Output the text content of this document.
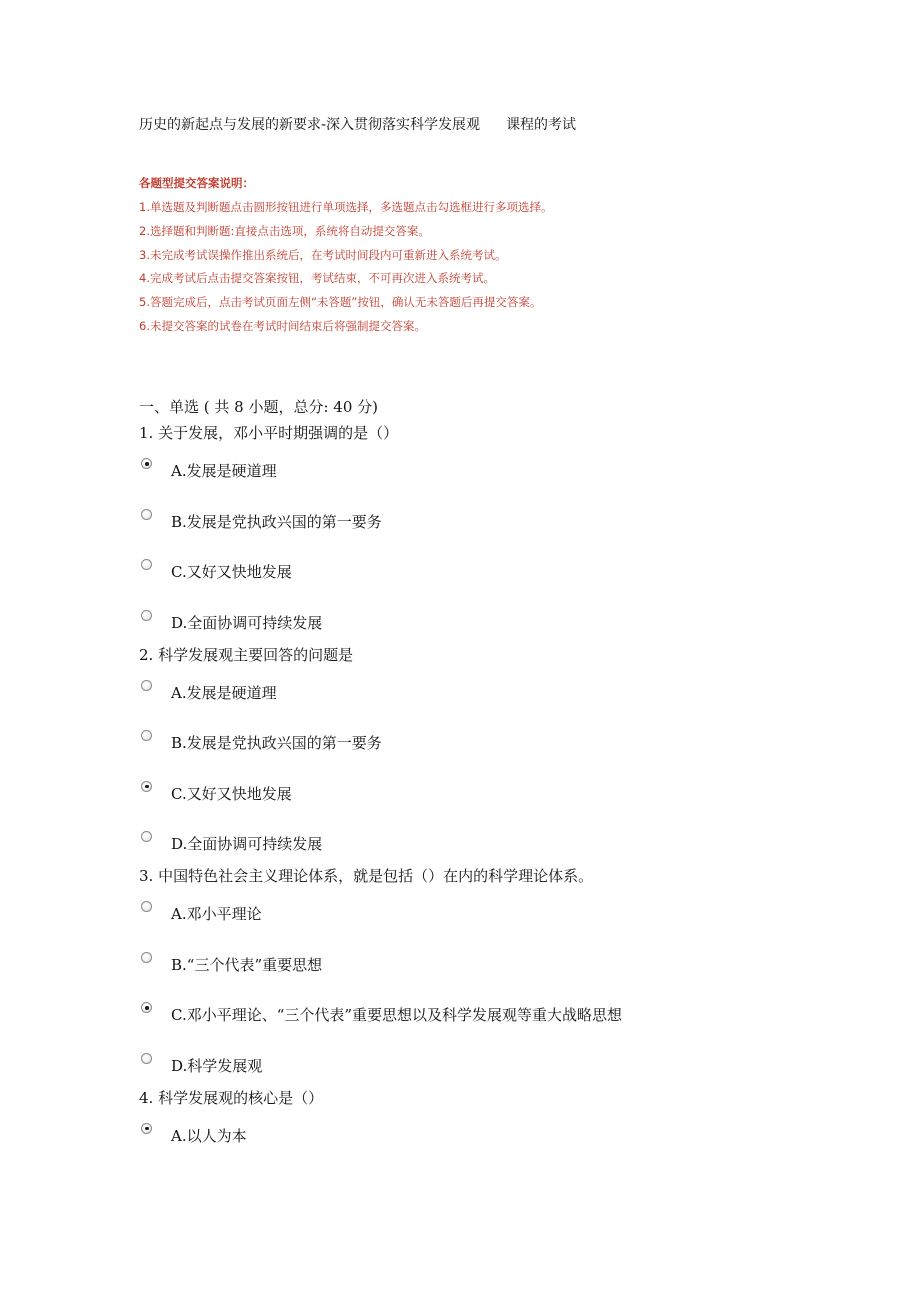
历史的新起点与发展的新要求-深入贯彻落实科学发展观 课程的考试
各题型提交答案说明：
1.单选题及判断题点击圆形按钮进行单项选择，多选题点击勾选框进行多项选择。
2.选择题和判断题:直接点击选项，系统将自动提交答案。
3.未完成考试误操作推出系统后，在考试时间段内可重新进入系统考试。
4.完成考试后点击提交答案按钮，考试结束，不可再次进入系统考试。
5.答题完成后，点击考试页面左侧“未答题”按钮，确认无未答题后再提交答案。
6.未提交答案的试卷在考试时间结束后将强制提交答案。
一、单选 ( 共 8 小题，总分: 40 分)
1. 关于发展，邓小平时期强调的是（）
A.发展是硬道理
B.发展是党执政兴国的第一要务
C.又好又快地发展
D.全面协调可持续发展
2. 科学发展观主要回答的问题是
A.发展是硬道理
B.发展是党执政兴国的第一要务
C.又好又快地发展
D.全面协调可持续发展
3. 中国特色社会主义理论体系，就是包括（）在内的科学理论体系。
A.邓小平理论
B.“三个代表”重要思想
C.邓小平理论、“三个代表”重要思想以及科学发展观等重大战略思想
D.科学发展观
4. 科学发展观的核心是（）
A.以人为本
